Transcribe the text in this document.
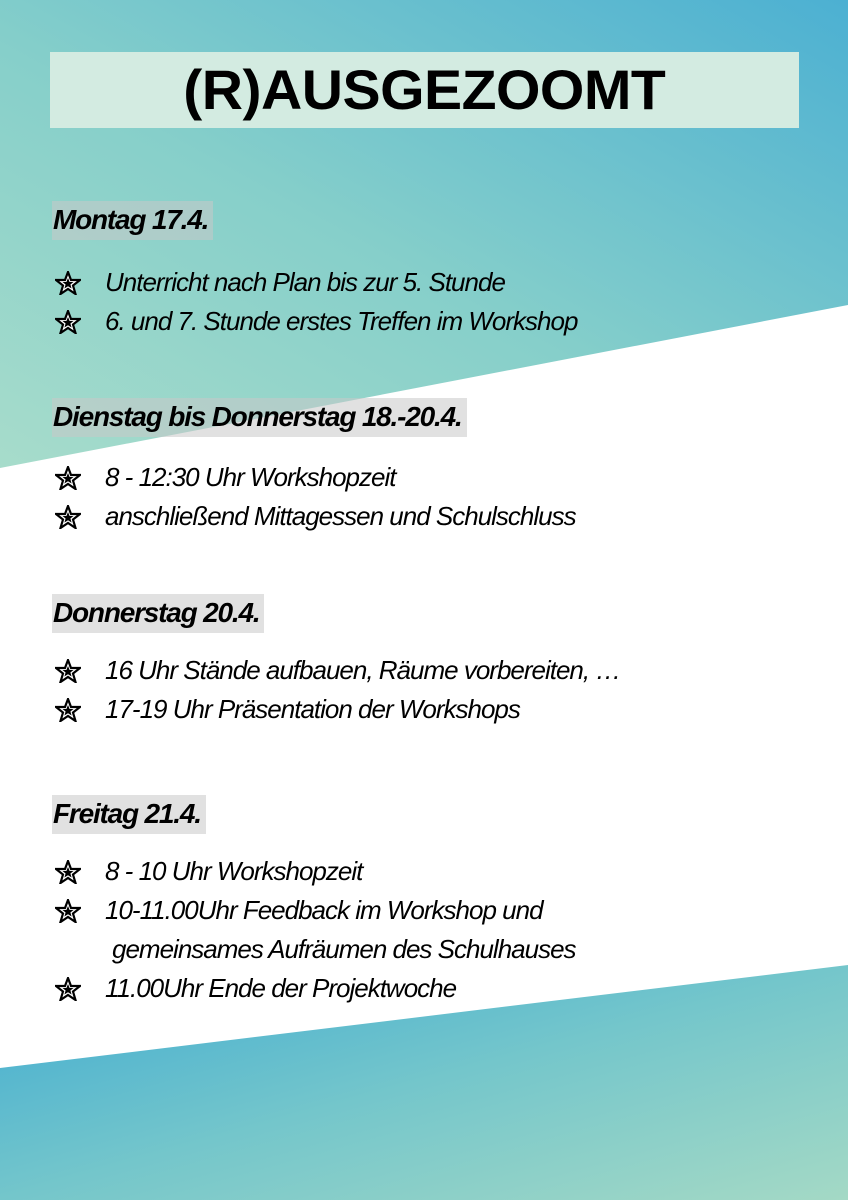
(R)AUSGEZOOMT
Montag 17.4.
Unterricht nach Plan bis zur 5. Stunde
6. und 7. Stunde erstes Treffen im Workshop
Dienstag bis Donnerstag 18.-20.4.
8 - 12:30 Uhr Workshopzeit
anschließend Mittagessen und Schulschluss
Donnerstag 20.4.
16 Uhr Stände aufbauen, Räume vorbereiten, …
17-19 Uhr Präsentation der Workshops
Freitag 21.4.
8 - 10 Uhr Workshopzeit
10-11.00Uhr Feedback im Workshop und
gemeinsames Aufräumen des Schulhauses
11.00Uhr Ende der Projektwoche
